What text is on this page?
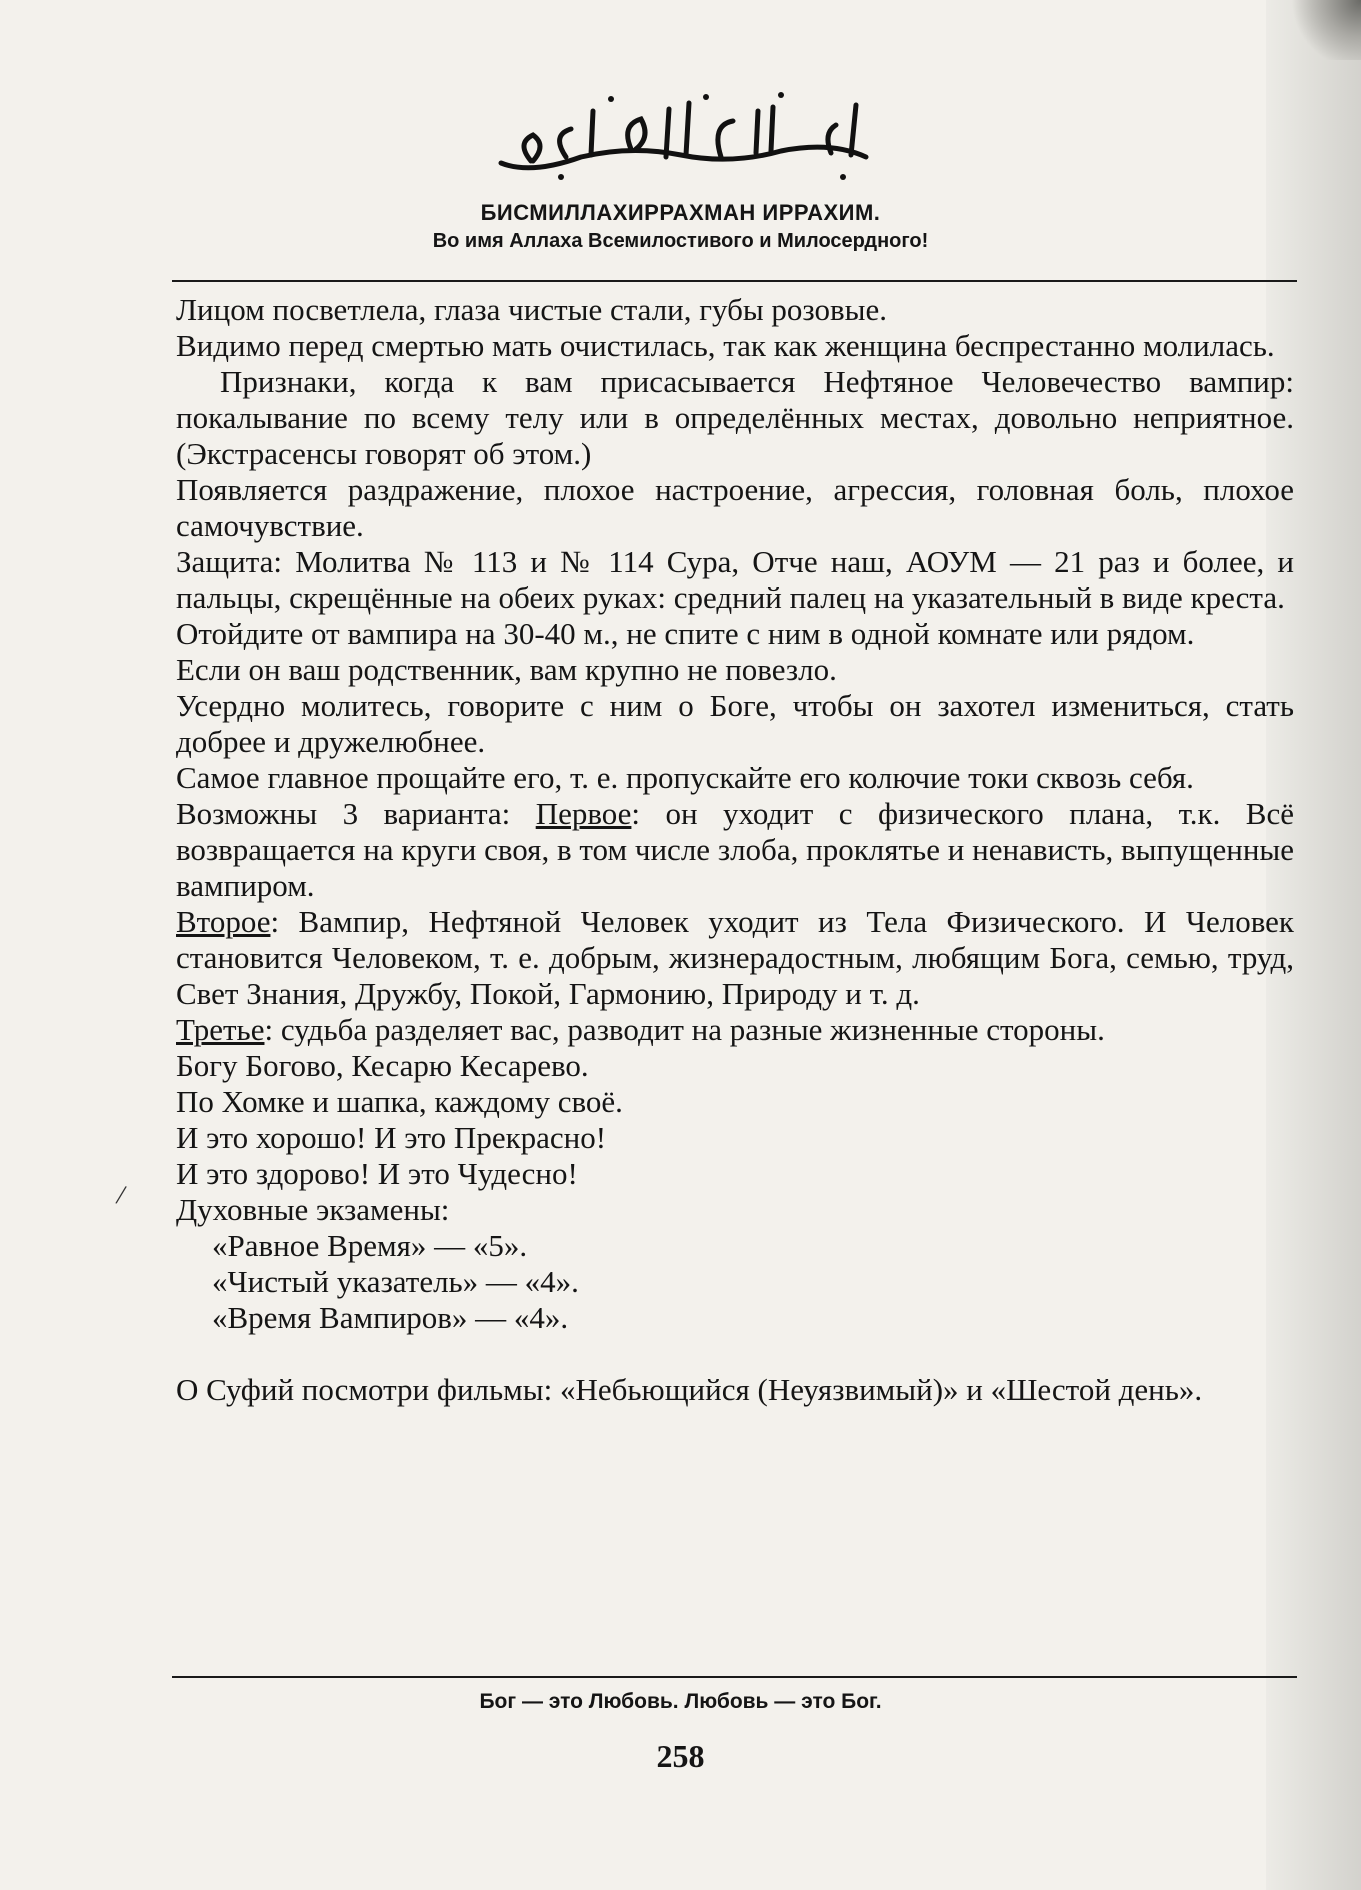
БИСМИЛЛАХИРРАХМАН ИРРАХИМ.
Во имя Аллаха Всемилостивого и Милосердного!

Лицом посветлела, глаза чистые стали, губы розовые.

Видимо перед смертью мать очистилась, так как женщина беспрестанно молилась.

Признаки, когда к вам присасывается Нефтяное Человечество вампир: покалывание по всему телу или в определённых местах, довольно неприятное. (Экстрасенсы говорят об этом.)

Появляется раздражение, плохое настроение, агрессия, головная боль, плохое самочувствие.

Защита: Молитва № 113 и № 114 Сура, Отче наш, АОУМ — 21 раз и более, и пальцы, скрещённые на обеих руках: средний палец на указательный в виде креста.

Отойдите от вампира на 30-40 м., не спите с ним в одной комнате или рядом.

Если он ваш родственник, вам крупно не повезло.

Усердно молитесь, говорите с ним о Боге, чтобы он захотел измениться, стать добрее и дружелюбнее.

Самое главное прощайте его, т. е. пропускайте его колючие токи сквозь себя.

Возможны 3 варианта: Первое: он уходит с физического плана, т.к. Всё возвращается на круги своя, в том числе злоба, проклятье и ненависть, выпущенные вампиром.

Второе: Вампир, Нефтяной Человек уходит из Тела Физического. И Человек становится Человеком, т. е. добрым, жизнерадостным, любящим Бога, семью, труд, Свет Знания, Дружбу, Покой, Гармонию, Природу и т. д.

Третье: судьба разделяет вас, разводит на разные жизненные стороны.

Богу Богово, Кесарю Кесарево.

По Хомке и шапка, каждому своё.

И это хорошо! И это Прекрасно!

И это здорово! И это Чудесно!

Духовные экзамены:

«Равное Время» — «5».

«Чистый указатель» — «4».

«Время Вампиров» — «4».

О Суфий посмотри фильмы: «Небьющийся (Неуязвимый)» и «Шестой день».

/
Бог — это Любовь. Любовь — это Бог.
258
